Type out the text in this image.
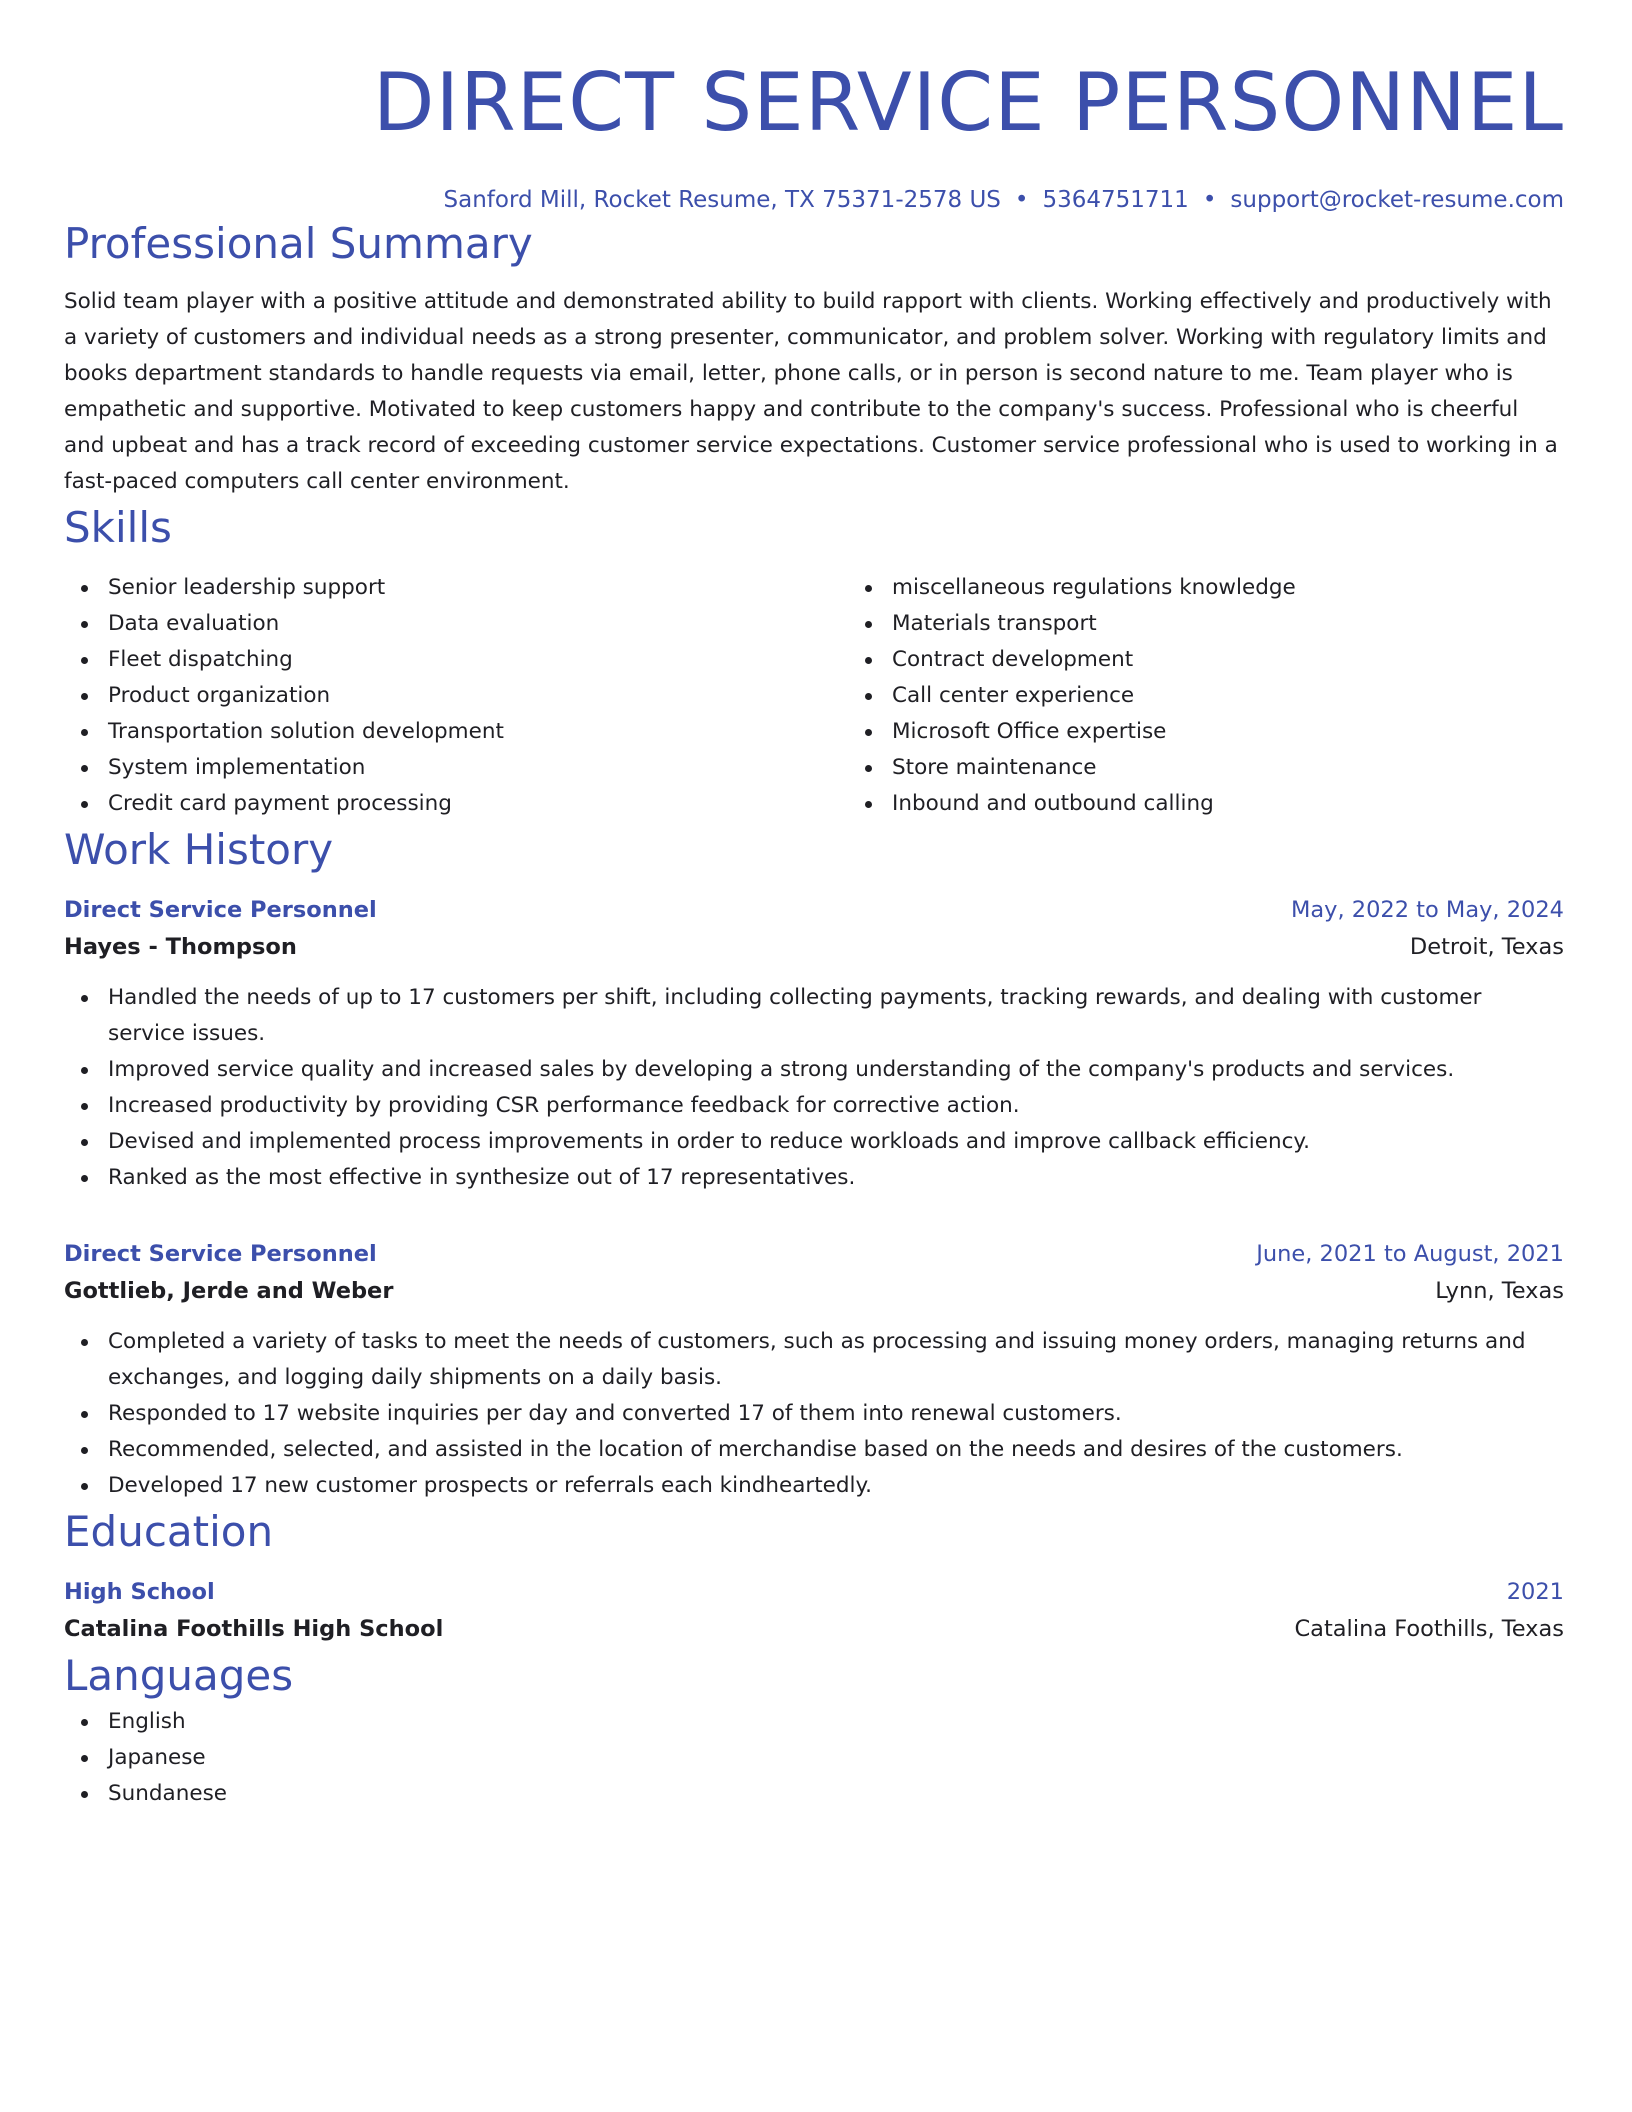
DIRECT SERVICE PERSONNEL
Sanford Mill, Rocket Resume, TX 75371-2578 US • 5364751711 • support@rocket-resume.com
Professional Summary

Solid team player with a positive attitude and demonstrated ability to build rapport with clients. Working effectively and productively with a variety of customers and individual needs as a strong presenter, communicator, and problem solver. Working with regulatory limits and books department standards to handle requests via email, letter, phone calls, or in person is second nature to me. Team player who is empathetic and supportive. Motivated to keep customers happy and contribute to the company's success. Professional who is cheerful and upbeat and has a track record of exceeding customer service expectations. Customer service professional who is used to working in a fast-paced computers call center environment.

Skills
Senior leadership support
Data evaluation
Fleet dispatching
Product organization
Transportation solution development
System implementation
Credit card payment processing
miscellaneous regulations knowledge
Materials transport
Contract development
Call center experience
Microsoft Office expertise
Store maintenance
Inbound and outbound calling
Work History
Direct Service Personnel	May, 2022 to May, 2024
Hayes - Thompson	Detroit, Texas
Handled the needs of up to 17 customers per shift, including collecting payments, tracking rewards, and dealing with customer service issues.
Improved service quality and increased sales by developing a strong understanding of the company's products and services.
Increased productivity by providing CSR performance feedback for corrective action.
Devised and implemented process improvements in order to reduce workloads and improve callback efficiency.
Ranked as the most effective in synthesize out of 17 representatives.
Direct Service Personnel	June, 2021 to August, 2021
Gottlieb, Jerde and Weber	Lynn, Texas
Completed a variety of tasks to meet the needs of customers, such as processing and issuing money orders, managing returns and exchanges, and logging daily shipments on a daily basis.
Responded to 17 website inquiries per day and converted 17 of them into renewal customers.
Recommended, selected, and assisted in the location of merchandise based on the needs and desires of the customers.
Developed 17 new customer prospects or referrals each kindheartedly.
Education
High School	2021
Catalina Foothills High School	Catalina Foothills, Texas
Languages
English
Japanese
Sundanese
